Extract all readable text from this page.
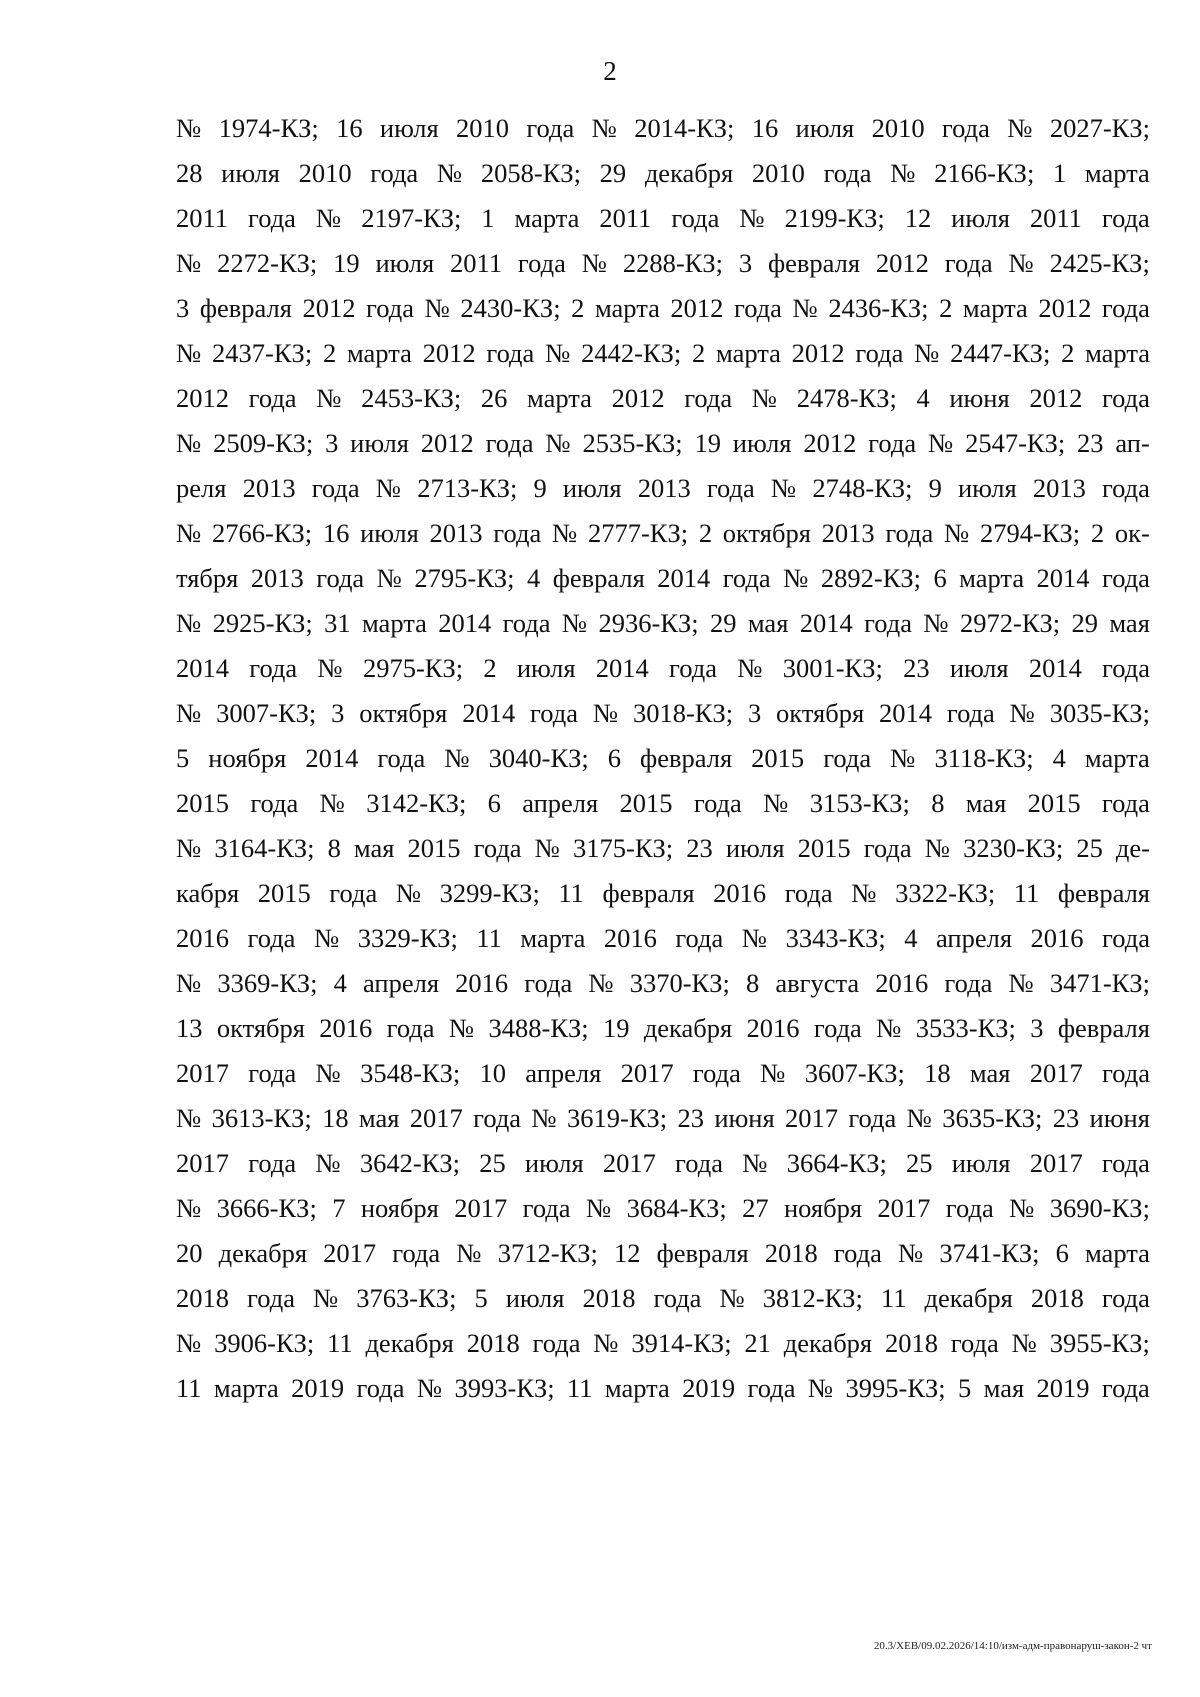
2
№ 1974-КЗ; 16 июля 2010 года № 2014-КЗ; 16 июля 2010 года № 2027-КЗ;
28 июля 2010 года № 2058-КЗ; 29 декабря 2010 года № 2166-КЗ; 1 марта
2011 года № 2197-КЗ; 1 марта 2011 года № 2199-КЗ; 12 июля 2011 года
№ 2272-КЗ; 19 июля 2011 года № 2288-КЗ; 3 февраля 2012 года № 2425-КЗ;
3 февраля 2012 года № 2430-КЗ; 2 марта 2012 года № 2436-КЗ; 2 марта 2012 года
№ 2437-КЗ; 2 марта 2012 года № 2442-КЗ; 2 марта 2012 года № 2447-КЗ; 2 марта
2012 года № 2453-КЗ; 26 марта 2012 года № 2478-КЗ; 4 июня 2012 года
№ 2509-КЗ; 3 июля 2012 года № 2535-КЗ; 19 июля 2012 года № 2547-КЗ; 23 ап-
реля 2013 года № 2713-КЗ; 9 июля 2013 года № 2748-КЗ; 9 июля 2013 года
№ 2766-КЗ; 16 июля 2013 года № 2777-КЗ; 2 октября 2013 года № 2794-КЗ; 2 ок-
тября 2013 года № 2795-КЗ; 4 февраля 2014 года № 2892-КЗ; 6 марта 2014 года
№ 2925-КЗ; 31 марта 2014 года № 2936-КЗ; 29 мая 2014 года № 2972-КЗ; 29 мая
2014 года № 2975-КЗ; 2 июля 2014 года № 3001-КЗ; 23 июля 2014 года
№ 3007-КЗ; 3 октября 2014 года № 3018-КЗ; 3 октября 2014 года № 3035-КЗ;
5 ноября 2014 года № 3040-КЗ; 6 февраля 2015 года № 3118-КЗ; 4 марта
2015 года № 3142-КЗ; 6 апреля 2015 года № 3153-КЗ; 8 мая 2015 года
№ 3164-КЗ; 8 мая 2015 года № 3175-КЗ; 23 июля 2015 года № 3230-КЗ; 25 де-
кабря 2015 года № 3299-КЗ; 11 февраля 2016 года № 3322-КЗ; 11 февраля
2016 года № 3329-КЗ; 11 марта 2016 года № 3343-КЗ; 4 апреля 2016 года
№ 3369-КЗ; 4 апреля 2016 года № 3370-КЗ; 8 августа 2016 года № 3471-КЗ;
13 октября 2016 года № 3488-КЗ; 19 декабря 2016 года № 3533-КЗ; 3 февраля
2017 года № 3548-КЗ; 10 апреля 2017 года № 3607-КЗ; 18 мая 2017 года
№ 3613-КЗ; 18 мая 2017 года № 3619-КЗ; 23 июня 2017 года № 3635-КЗ; 23 июня
2017 года № 3642-КЗ; 25 июля 2017 года № 3664-КЗ; 25 июля 2017 года
№ 3666-КЗ; 7 ноября 2017 года № 3684-КЗ; 27 ноября 2017 года № 3690-КЗ;
20 декабря 2017 года № 3712-КЗ; 12 февраля 2018 года № 3741-КЗ; 6 марта
2018 года № 3763-КЗ; 5 июля 2018 года № 3812-КЗ; 11 декабря 2018 года
№ 3906-КЗ; 11 декабря 2018 года № 3914-КЗ; 21 декабря 2018 года № 3955-КЗ;
11 марта 2019 года № 3993-КЗ; 11 марта 2019 года № 3995-КЗ; 5 мая 2019 года
20.3/ХЕВ/09.02.2026/14:10/изм-адм-правонаруш-закон-2 чт
